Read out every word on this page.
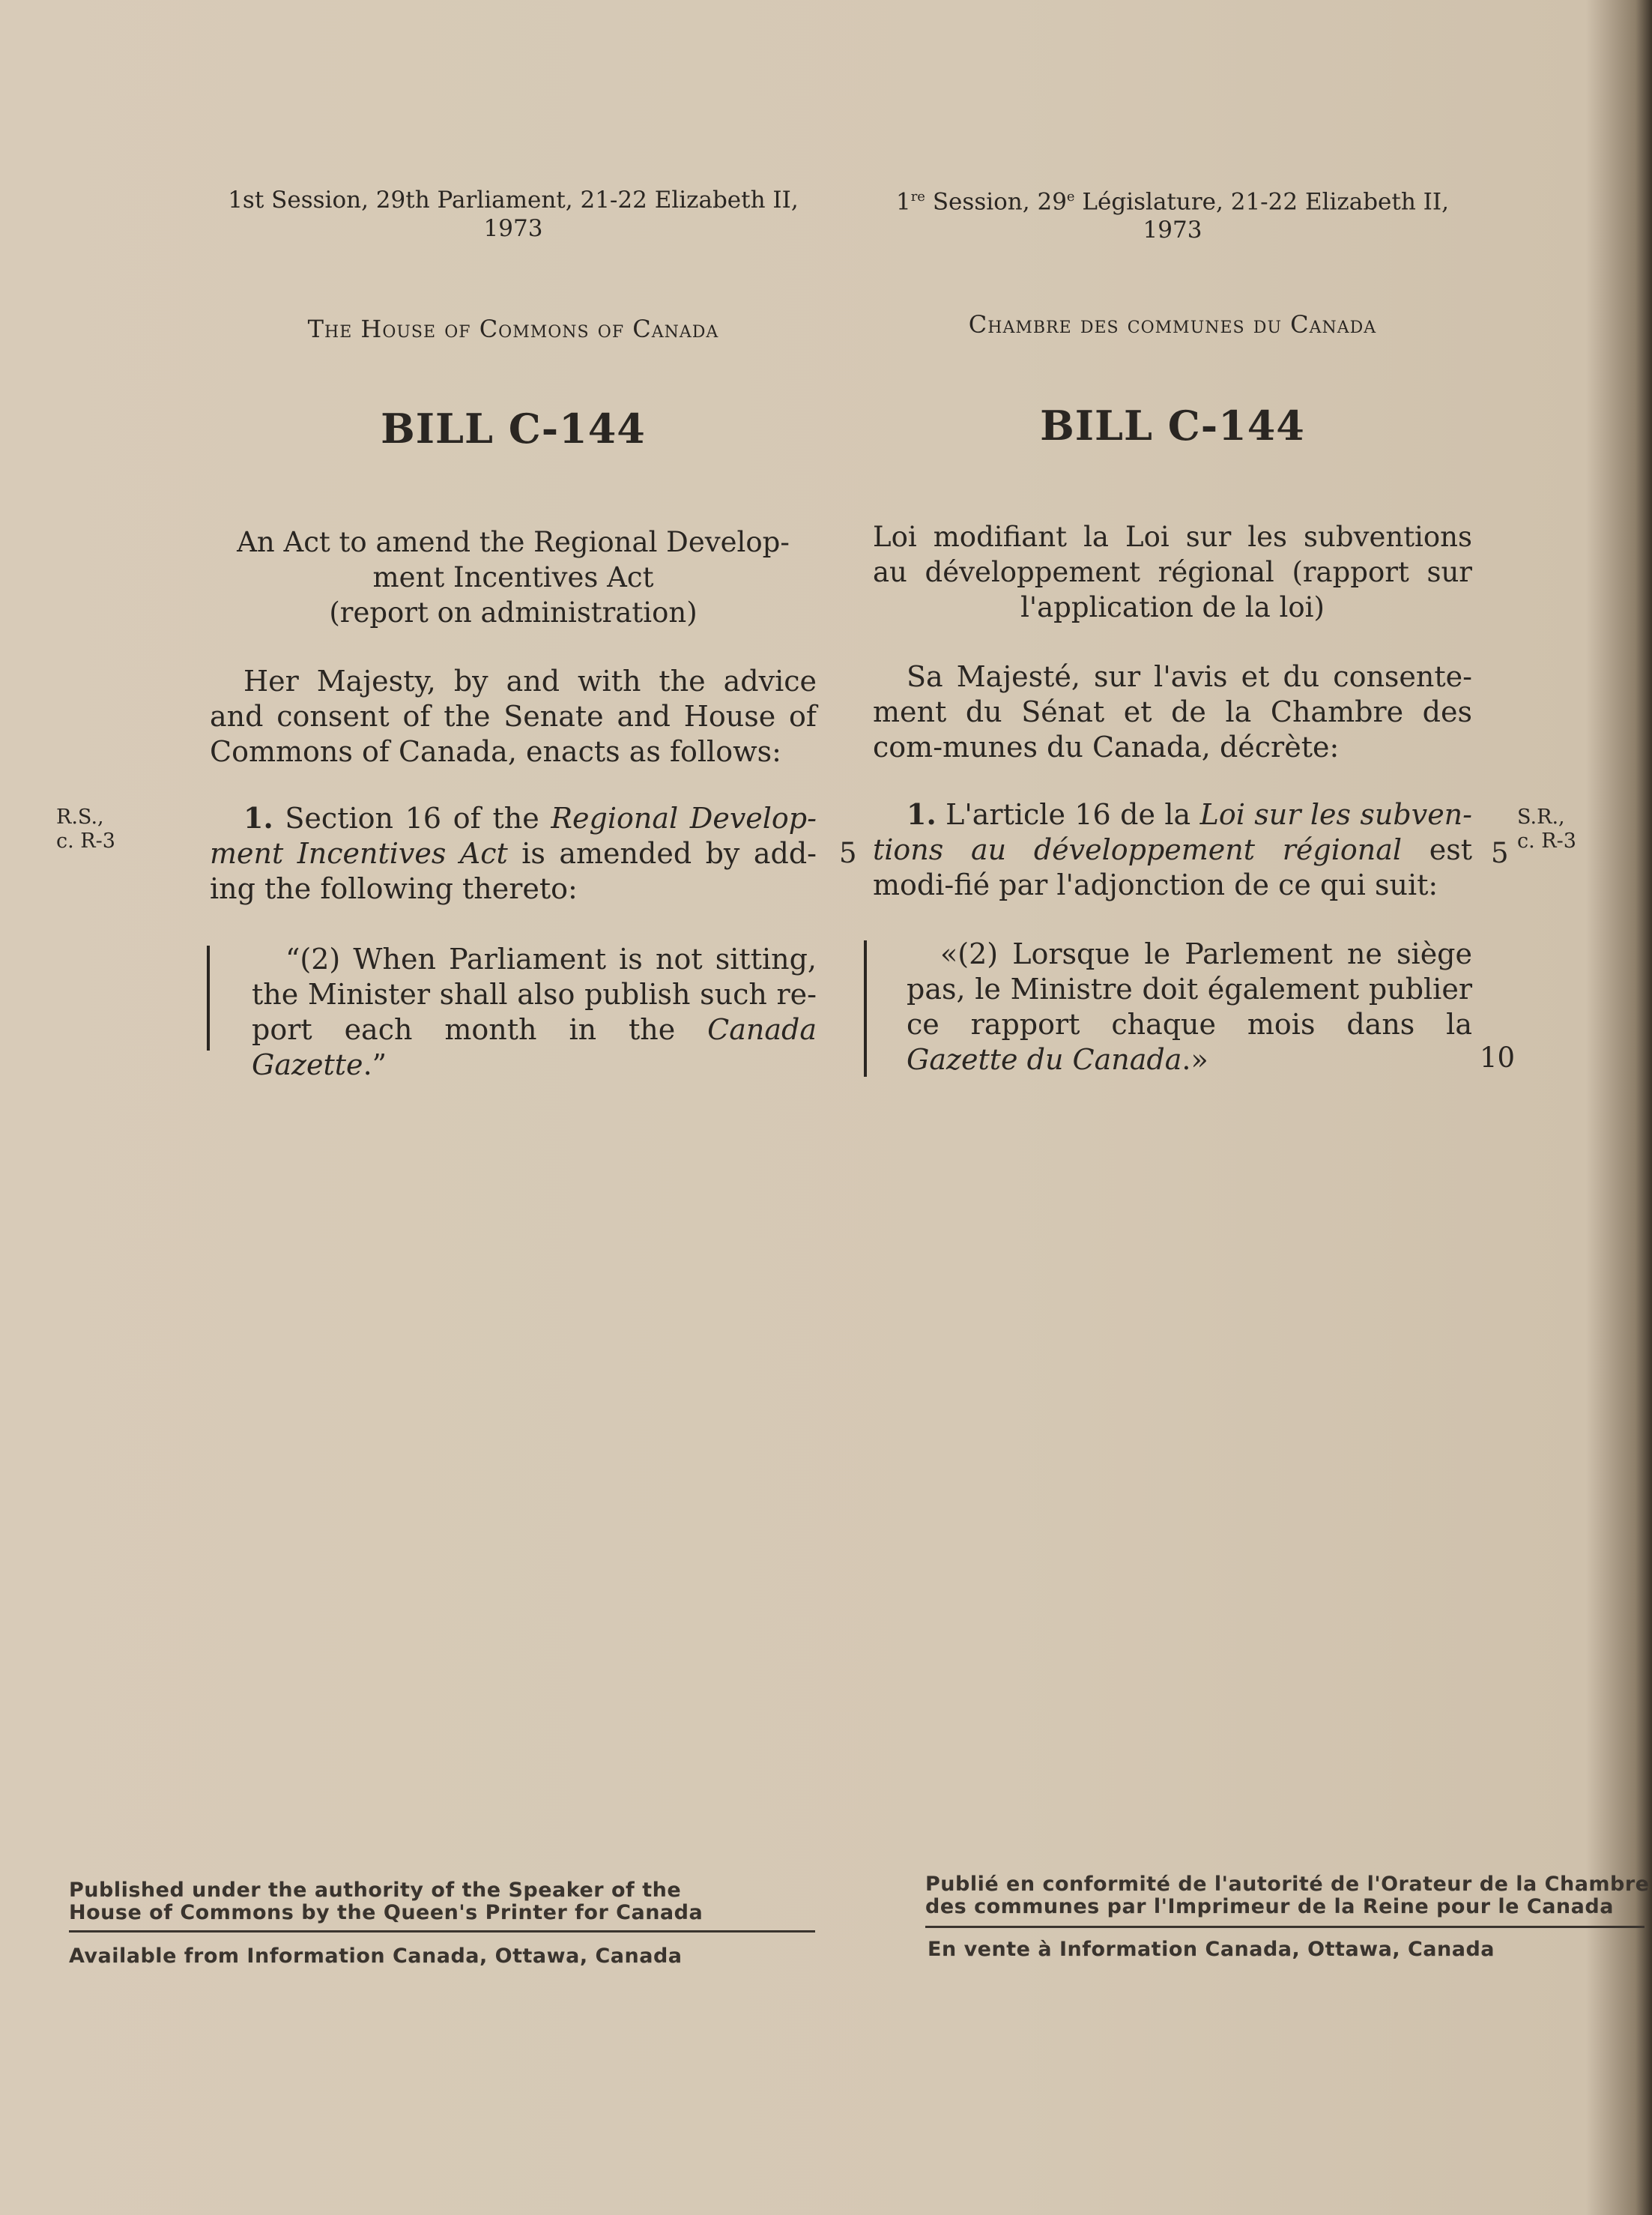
1st Session, 29th Parliament, 21-22 Elizabeth II,
1973
The House of Commons of Canada
BILL C-144
An Act to amend the Regional Develop-
ment Incentives Act
(report on administration)
Her Majesty, by and with the advice and consent of the Senate and House of Commons of Canada, enacts as follows:
1. Section 16 of the Regional Develop-ment Incentives Act is amended by add-ing the following thereto:
“(2) When Parliament is not sitting, the Minister shall also publish such re-port each month in the Canada Gazette.”
R.S.,
c. R-3	5
1re Session, 29e Législature, 21-22 Elizabeth II,
1973
Chambre des communes du Canada
BILL C-144
Loi modifiant la Loi sur les subventions
au développement régional (rapport sur
l'application de la loi)
Sa Majesté, sur l'avis et du consente-ment du Sénat et de la Chambre des com-munes du Canada, décrète:
1. L'article 16 de la Loi sur les subven-tions au développement régional est modi-fié par l'adjonction de ce qui suit:
«(2) Lorsque le Parlement ne siège pas, le Ministre doit également publier ce rapport chaque mois dans la Gazette du Canada.»
S.R.,
c. R-3
5
10
Published under the authority of the Speaker of the
House of Commons by the Queen's Printer for Canada
Available from Information Canada, Ottawa, Canada
Publié en conformité de l'autorité de l'Orateur de la Chambre
des communes par l'Imprimeur de la Reine pour le Canada
En vente à Information Canada, Ottawa, Canada
